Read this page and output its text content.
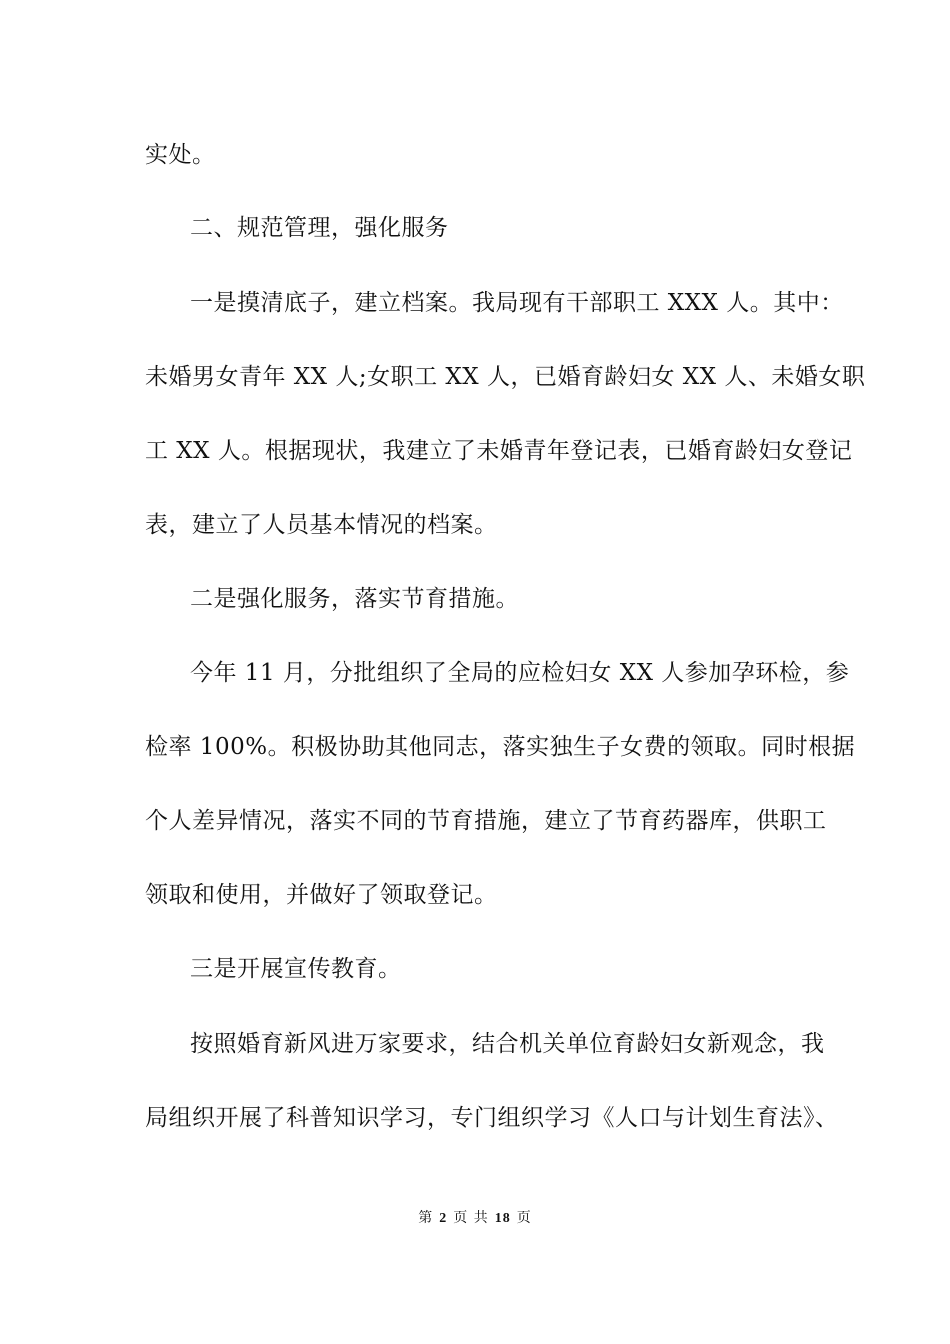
实处。
二、规范管理，强化服务
一是摸清底子，建立档案。我局现有干部职工 XXX 人。其中：
未婚男女青年 XX 人;女职工 XX 人，已婚育龄妇女 XX 人、未婚女职
工 XX 人。根据现状，我建立了未婚青年登记表，已婚育龄妇女登记
表，建立了人员基本情况的档案。
二是强化服务，落实节育措施。
今年 11 月，分批组织了全局的应检妇女 XX 人参加孕环检，参
检率 100%。积极协助其他同志，落实独生子女费的领取。同时根据
个人差异情况，落实不同的节育措施，建立了节育药器库，供职工
领取和使用，并做好了领取登记。
三是开展宣传教育。
按照婚育新风进万家要求，结合机关单位育龄妇女新观念，我
局组织开展了科普知识学习，专门组织学习《人口与计划生育法》、
第 2 页 共 18 页
